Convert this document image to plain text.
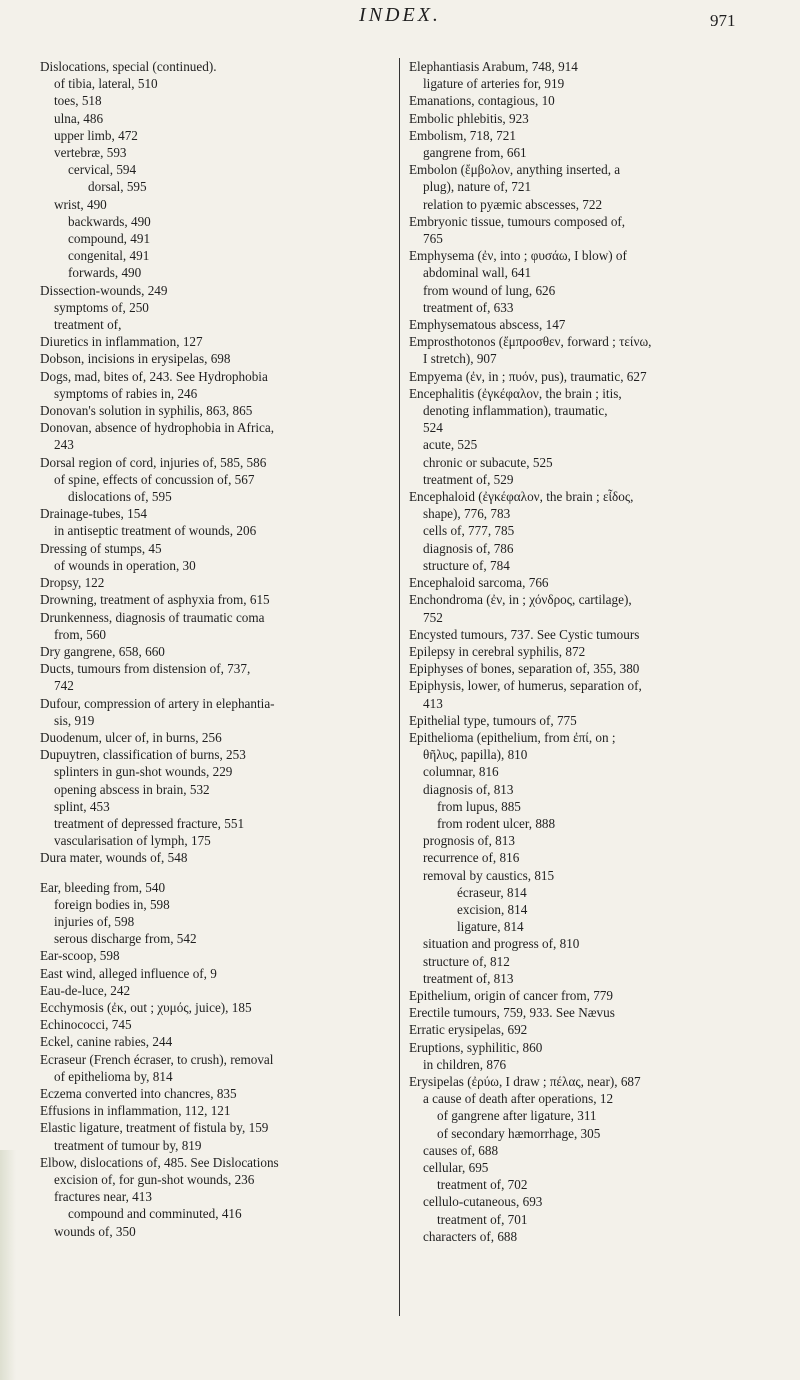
INDEX.	971
Dislocations, special (continued).
of tibia, lateral, 510
toes, 518
ulna, 486
upper limb, 472
vertebræ, 593
cervical, 594
dorsal, 595
wrist, 490
backwards, 490
compound, 491
congenital, 491
forwards, 490
Dissection-wounds, 249
symptoms of, 250
treatment of,
Diuretics in inflammation, 127
Dobson, incisions in erysipelas, 698
Dogs, mad, bites of, 243. See Hydrophobia
symptoms of rabies in, 246
Donovan's solution in syphilis, 863, 865
Donovan, absence of hydrophobia in Africa,
243
Dorsal region of cord, injuries of, 585, 586
of spine, effects of concussion of, 567
dislocations of, 595
Drainage-tubes, 154
in antiseptic treatment of wounds, 206
Dressing of stumps, 45
of wounds in operation, 30
Dropsy, 122
Drowning, treatment of asphyxia from, 615
Drunkenness, diagnosis of traumatic coma
from, 560
Dry gangrene, 658, 660
Ducts, tumours from distension of, 737,
742
Dufour, compression of artery in elephantia-
sis, 919
Duodenum, ulcer of, in burns, 256
Dupuytren, classification of burns, 253
splinters in gun-shot wounds, 229
opening abscess in brain, 532
splint, 453
treatment of depressed fracture, 551
vascularisation of lymph, 175
Dura mater, wounds of, 548
Ear, bleeding from, 540
foreign bodies in, 598
injuries of, 598
serous discharge from, 542
Ear-scoop, 598
East wind, alleged influence of, 9
Eau-de-luce, 242
Ecchymosis (ἐκ, out ; χυμός, juice), 185
Echinococci, 745
Eckel, canine rabies, 244
Ecraseur (French écraser, to crush), removal
of epithelioma by, 814
Eczema converted into chancres, 835
Effusions in inflammation, 112, 121
Elastic ligature, treatment of fistula by, 159
treatment of tumour by, 819
Elbow, dislocations of, 485. See Dislocations
excision of, for gun-shot wounds, 236
fractures near, 413
compound and comminuted, 416
wounds of, 350
Elephantiasis Arabum, 748, 914
ligature of arteries for, 919
Emanations, contagious, 10
Embolic phlebitis, 923
Embolism, 718, 721
gangrene from, 661
Embolon (ἔμβολον, anything inserted, a
plug), nature of, 721
relation to pyæmic abscesses, 722
Embryonic tissue, tumours composed of,
765
Emphysema (ἐν, into ; φυσάω, I blow) of
abdominal wall, 641
from wound of lung, 626
treatment of, 633
Emphysematous abscess, 147
Emprosthotonos (ἔμπροσθεν, forward ; τείνω,
I stretch), 907
Empyema (ἐν, in ; πυόν, pus), traumatic, 627
Encephalitis (ἐγκέφαλον, the brain ; itis,
denoting inflammation), traumatic,
524
acute, 525
chronic or subacute, 525
treatment of, 529
Encephaloid (ἐγκέφαλον, the brain ; εἶδος,
shape), 776, 783
cells of, 777, 785
diagnosis of, 786
structure of, 784
Encephaloid sarcoma, 766
Enchondroma (ἐν, in ; χόνδρος, cartilage),
752
Encysted tumours, 737. See Cystic tumours
Epilepsy in cerebral syphilis, 872
Epiphyses of bones, separation of, 355, 380
Epiphysis, lower, of humerus, separation of,
413
Epithelial type, tumours of, 775
Epithelioma (epithelium, from ἐπί, on ;
θῆλυς, papilla), 810
columnar, 816
diagnosis of, 813
from lupus, 885
from rodent ulcer, 888
prognosis of, 813
recurrence of, 816
removal by caustics, 815
écraseur, 814
excision, 814
ligature, 814
situation and progress of, 810
structure of, 812
treatment of, 813
Epithelium, origin of cancer from, 779
Erectile tumours, 759, 933. See Nævus
Erratic erysipelas, 692
Eruptions, syphilitic, 860
in children, 876
Erysipelas (ἐρύω, I draw ; πέλας, near), 687
a cause of death after operations, 12
of gangrene after ligature, 311
of secondary hæmorrhage, 305
causes of, 688
cellular, 695
treatment of, 702
cellulo-cutaneous, 693
treatment of, 701
characters of, 688
